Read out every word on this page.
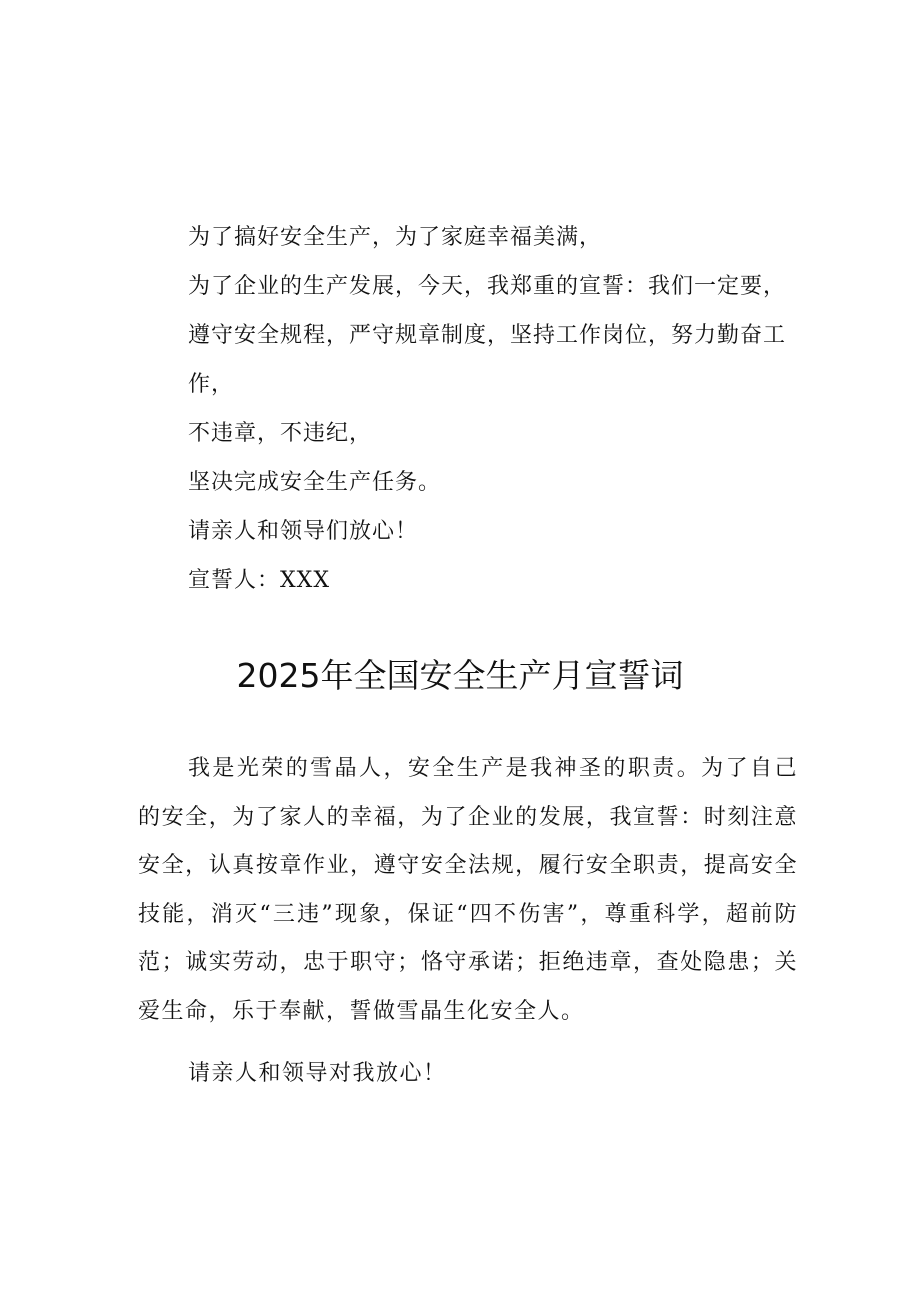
为了搞好安全生产，为了家庭幸福美满，
为了企业的生产发展，今天，我郑重的宣誓：我们一定要，
遵守安全规程，严守规章制度，坚持工作岗位，努力勤奋工作，
不违章，不违纪，
坚决完成安全生产任务。
请亲人和领导们放心！
宣誓人：XXX
2025年全国安全生产月宣誓词

我是光荣的雪晶人，安全生产是我神圣的职责。为了自己的安全，为了家人的幸福，为了企业的发展，我宣誓：时刻注意安全，认真按章作业，遵守安全法规，履行安全职责，提高安全技能，消灭“三违”现象，保证“四不伤害”，尊重科学，超前防范；诚实劳动，忠于职守；恪守承诺；拒绝违章，查处隐患；关爱生命，乐于奉献，誓做雪晶生化安全人。

请亲人和领导对我放心！
